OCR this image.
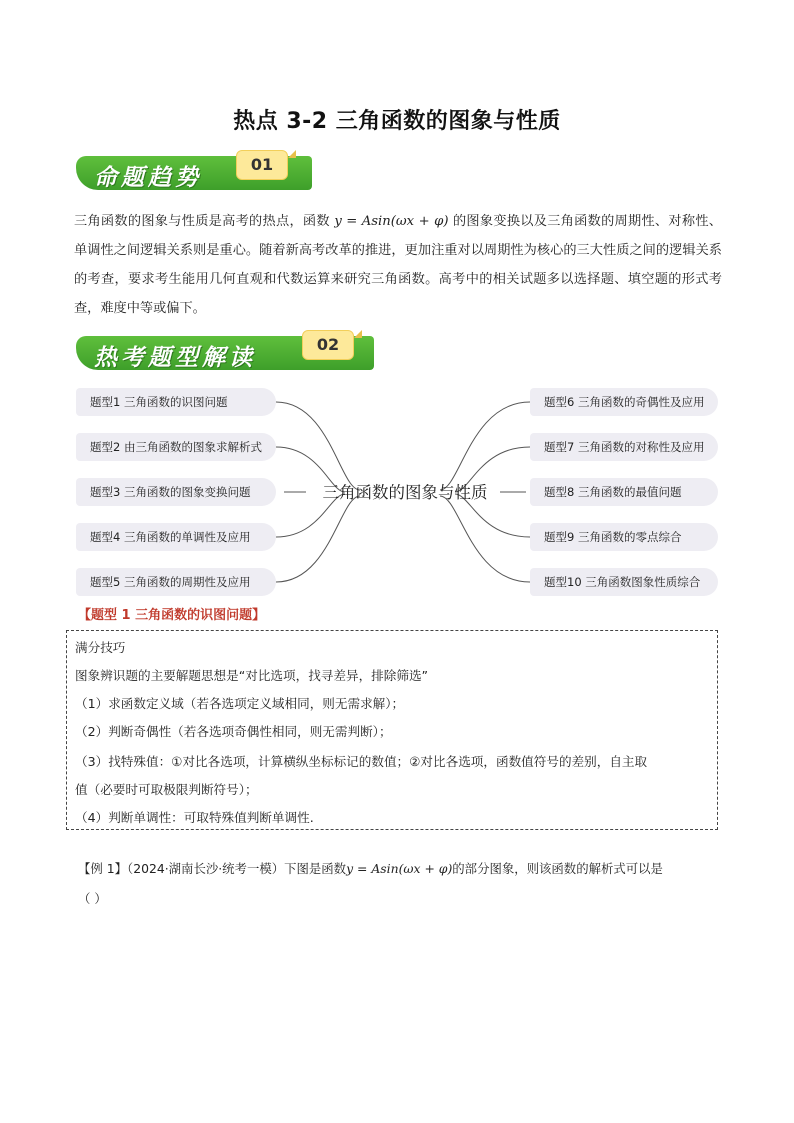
热点 3-2 三角函数的图象与性质
命题趋势
01
三角函数的图象与性质是高考的热点，函数 y = Asin(ωx + φ) 的图象变换以及三角函数的周期性、对称性、单调性之间逻辑关系则是重心。随着新高考改革的推进，更加注重对以周期性为核心的三大性质之间的逻辑关系的考查，要求考生能用几何直观和代数运算来研究三角函数。高考中的相关试题多以选择题、填空题的形式考查，难度中等或偏下。
热考题型解读
02
题型1 三角函数的识图问题
题型2 由三角函数的图象求解析式
题型3 三角函数的图象变换问题
题型4 三角函数的单调性及应用
题型5 三角函数的周期性及应用
题型6 三角函数的奇偶性及应用
题型7 三角函数的对称性及应用
题型8 三角函数的最值问题
题型9 三角函数的零点综合
题型10 三角函数图象性质综合
三角函数的图象与性质
【题型 1 三角函数的识图问题】
满分技巧
图象辨识题的主要解题思想是“对比选项，找寻差异，排除筛选”
（1）求函数定义域（若各选项定义域相同，则无需求解）；
（2）判断奇偶性（若各选项奇偶性相同，则无需判断）；
（3）找特殊值：①对比各选项，计算横纵坐标标记的数值；②对比各选项，函数值符号的差别，自主取
值（必要时可取极限判断符号）；
（4）判断单调性：可取特殊值判断单调性.
【例 1】（2024·湖南长沙·统考一模）下图是函数y = Asin(ωx + φ)的部分图象，则该函数的解析式可以是
（ ）
